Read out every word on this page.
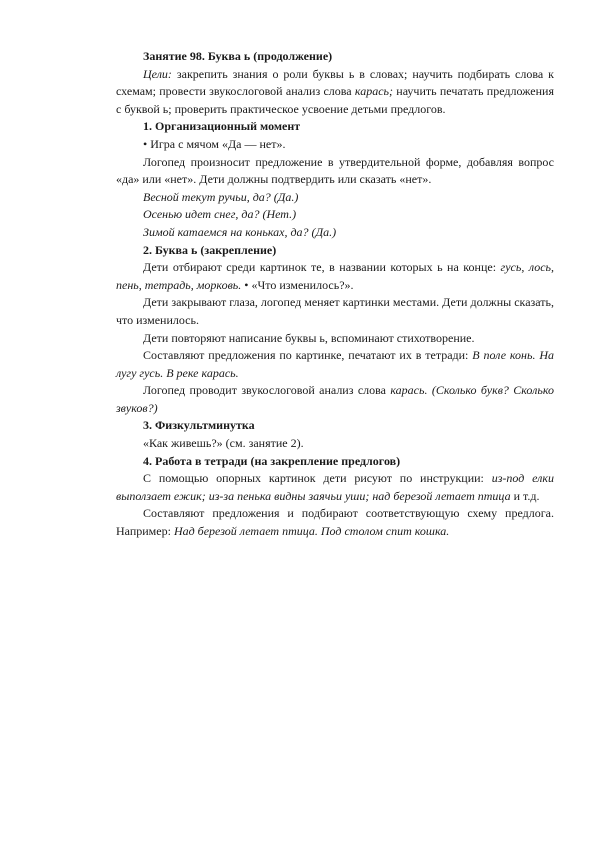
Занятие 98. Буква ь (продолжение)

Цели: закрепить знания о роли буквы ь в словах; научить подбирать слова к схемам; провести звукослоговой анализ слова карась; научить печатать предложения с буквой ь; проверить практическое усвоение детьми предлогов.

1. Организационный момент

• Игра с мячом «Да — нет».

Логопед произносит предложение в утвердительной форме, добавляя вопрос «да» или «нет». Дети должны подтвердить или сказать «нет».

Весной текут ручьи, да? (Да.)

Осенью идет снег, да? (Нет.)

Зимой катаемся на коньках, да? (Да.)

2. Буква ь (закрепление)

Дети отбирают среди картинок те, в названии которых ь на конце: гусь, лось, пень, тетрадь, морковь. • «Что изменилось?».

Дети закрывают глаза, логопед меняет картинки местами. Дети должны сказать, что изменилось.

Дети повторяют написание буквы ь, вспоминают стихотворение.

Составляют предложения по картинке, печатают их в тетради: В поле конь. На лугу гусь. В реке карась.

Логопед проводит звукослоговой анализ слова карась. (Сколько букв? Сколько звуков?)

3. Физкультминутка

«Как живешь?» (см. занятие 2).

4. Работа в тетради (на закрепление предлогов)

С помощью опорных картинок дети рисуют по инструкции: из-под елки выползает ежик; из-за пенька видны заячьи уши; над березой летает птица и т.д.

Составляют предложения и подбирают соответствующую схему предлога. Например: Над березой летает птица. Под столом спит кошка.
